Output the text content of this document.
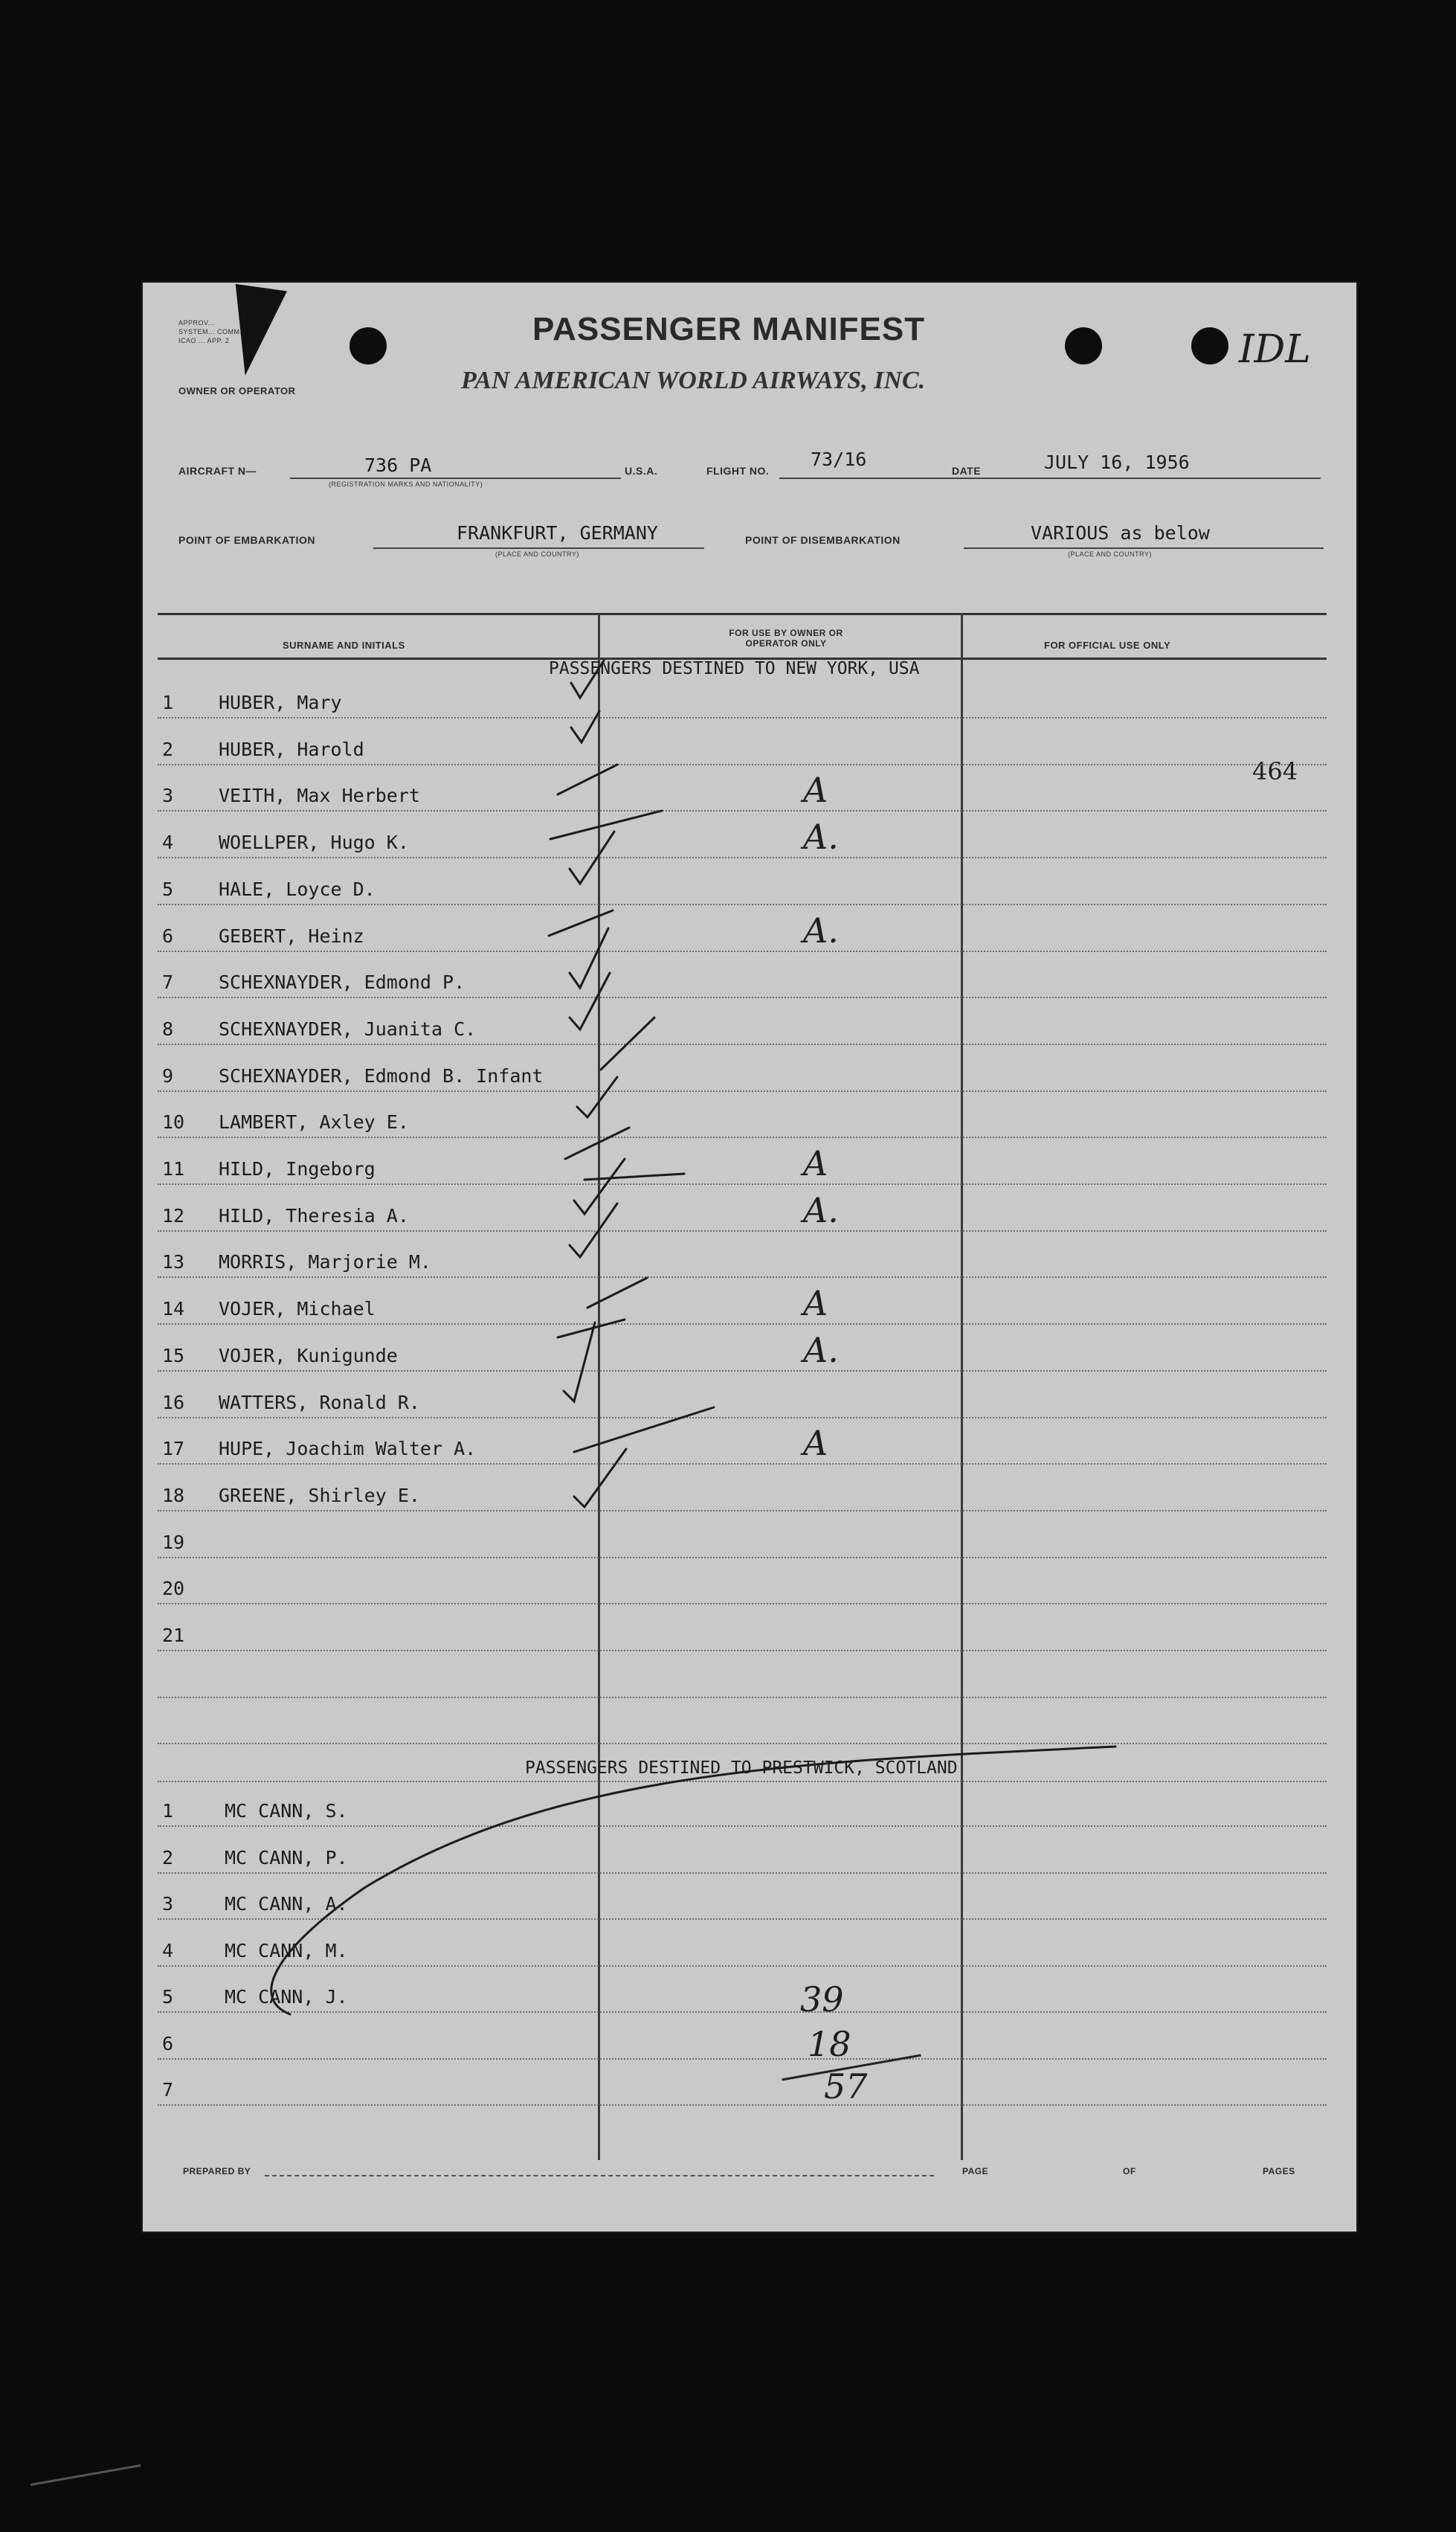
APPROV... SYSTEM... COMM. ICAO ... APP. 2
OWNER OR OPERATOR
PASSENGER MANIFEST
PAN AMERICAN WORLD AIRWAYS, INC.
IDL
AIRCRAFT N—	736 PA
(REGISTRATION MARKS AND NATIONALITY)
U.S.A.	FLIGHT NO.
73/16
DATE	JULY 16, 1956
POINT OF EMBARKATION	FRANKFURT, GERMANY
(PLACE AND COUNTRY)
POINT OF DISEMBARKATION	VARIOUS as below
(PLACE AND COUNTRY)
SURNAME AND INITIALS
FOR USE BY OWNER OR OPERATOR ONLY	FOR OFFICIAL USE ONLY
PASSENGERS DESTINED TO NEW YORK, USA
464
1	HUBER, Mary
2	HUBER, Harold
3	VEITH, Max Herbert	A
4	WOELLPER, Hugo K.	A.
5	HALE, Loyce D.
6	GEBERT, Heinz	A.
7	SCHEXNAYDER, Edmond P.
8	SCHEXNAYDER, Juanita C.
9	SCHEXNAYDER, Edmond B. Infant
10	LAMBERT, Axley E.
11	HILD, Ingeborg	A
12	HILD, Theresia A.	A.
13	MORRIS, Marjorie M.
14	VOJER, Michael	A
15	VOJER, Kunigunde	A.
16	WATTERS, Ronald R.
17	HUPE, Joachim Walter A.	A
18	GREENE, Shirley E.
19
20
21
PASSENGERS DESTINED TO PRESTWICK, SCOTLAND
1	MC CANN, S.
2	MC CANN, P.
3	MC CANN, A.
4	MC CANN, M.
5	MC CANN, J.
6
7
39
18
57
PREPARED BY	PAGE	OF	PAGES
